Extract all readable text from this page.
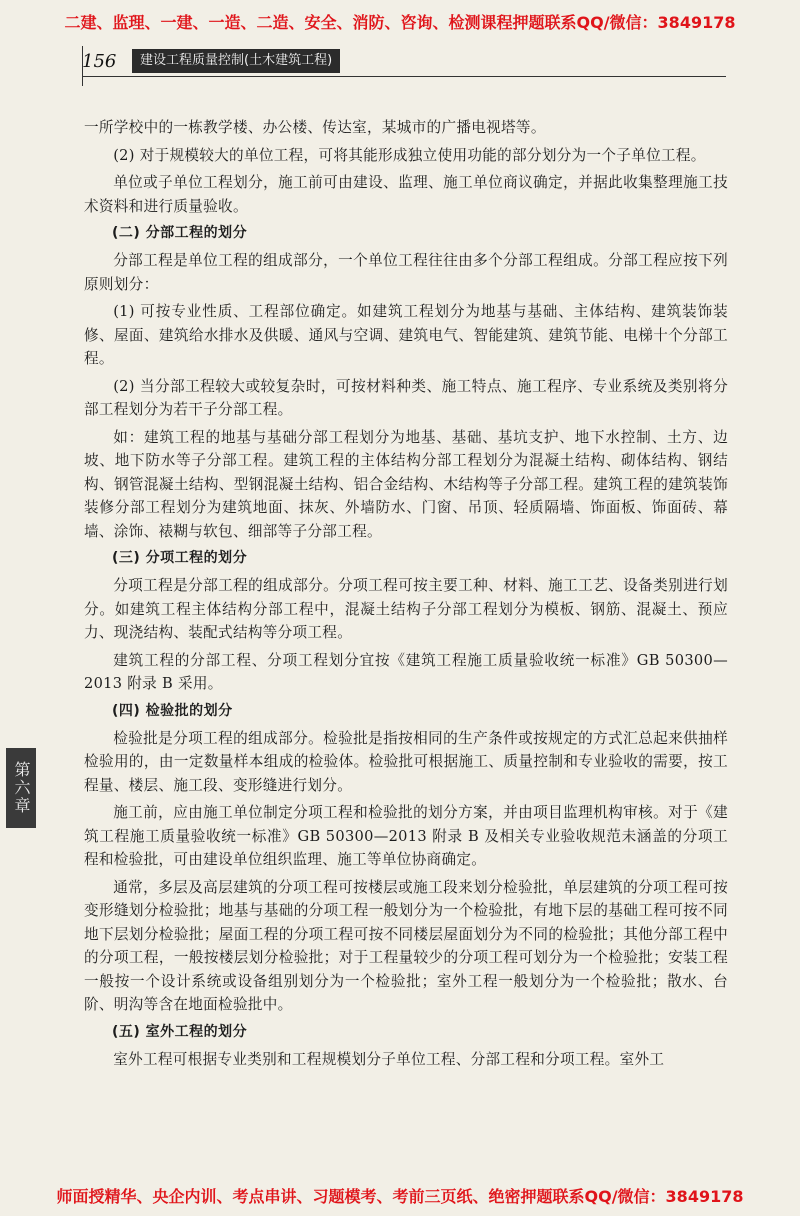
二建、监理、一建、一造、二造、安全、消防、咨询、检测课程押题联系QQ/微信：3849178
156	建设工程质量控制(土木建筑工程)

一所学校中的一栋教学楼、办公楼、传达室，某城市的广播电视塔等。

(2) 对于规模较大的单位工程，可将其能形成独立使用功能的部分划分为一个子单位工程。

单位或子单位工程划分，施工前可由建设、监理、施工单位商议确定，并据此收集整理施工技术资料和进行质量验收。

(二) 分部工程的划分

分部工程是单位工程的组成部分，一个单位工程往往由多个分部工程组成。分部工程应按下列原则划分：

(1) 可按专业性质、工程部位确定。如建筑工程划分为地基与基础、主体结构、建筑装饰装修、屋面、建筑给水排水及供暖、通风与空调、建筑电气、智能建筑、建筑节能、电梯十个分部工程。

(2) 当分部工程较大或较复杂时，可按材料种类、施工特点、施工程序、专业系统及类别将分部工程划分为若干子分部工程。

如：建筑工程的地基与基础分部工程划分为地基、基础、基坑支护、地下水控制、土方、边坡、地下防水等子分部工程。建筑工程的主体结构分部工程划分为混凝土结构、砌体结构、钢结构、钢管混凝土结构、型钢混凝土结构、铝合金结构、木结构等子分部工程。建筑工程的建筑装饰装修分部工程划分为建筑地面、抹灰、外墙防水、门窗、吊顶、轻质隔墙、饰面板、饰面砖、幕墙、涂饰、裱糊与软包、细部等子分部工程。

(三) 分项工程的划分

分项工程是分部工程的组成部分。分项工程可按主要工种、材料、施工工艺、设备类别进行划分。如建筑工程主体结构分部工程中，混凝土结构子分部工程划分为模板、钢筋、混凝土、预应力、现浇结构、装配式结构等分项工程。

建筑工程的分部工程、分项工程划分宜按《建筑工程施工质量验收统一标准》GB 50300—2013 附录 B 采用。

(四) 检验批的划分

检验批是分项工程的组成部分。检验批是指按相同的生产条件或按规定的方式汇总起来供抽样检验用的，由一定数量样本组成的检验体。检验批可根据施工、质量控制和专业验收的需要，按工程量、楼层、施工段、变形缝进行划分。

施工前，应由施工单位制定分项工程和检验批的划分方案，并由项目监理机构审核。对于《建筑工程施工质量验收统一标准》GB 50300—2013 附录 B 及相关专业验收规范未涵盖的分项工程和检验批，可由建设单位组织监理、施工等单位协商确定。

通常，多层及高层建筑的分项工程可按楼层或施工段来划分检验批，单层建筑的分项工程可按变形缝划分检验批；地基与基础的分项工程一般划分为一个检验批，有地下层的基础工程可按不同地下层划分检验批；屋面工程的分项工程可按不同楼层屋面划分为不同的检验批；其他分部工程中的分项工程，一般按楼层划分检验批；对于工程量较少的分项工程可划分为一个检验批；安装工程一般按一个设计系统或设备组别划分为一个检验批；室外工程一般划分为一个检验批；散水、台阶、明沟等含在地面检验批中。

(五) 室外工程的划分

室外工程可根据专业类别和工程规模划分子单位工程、分部工程和分项工程。室外工

第六章
师面授精华、央企内训、考点串讲、习题模考、考前三页纸、绝密押题联系QQ/微信：3849178
